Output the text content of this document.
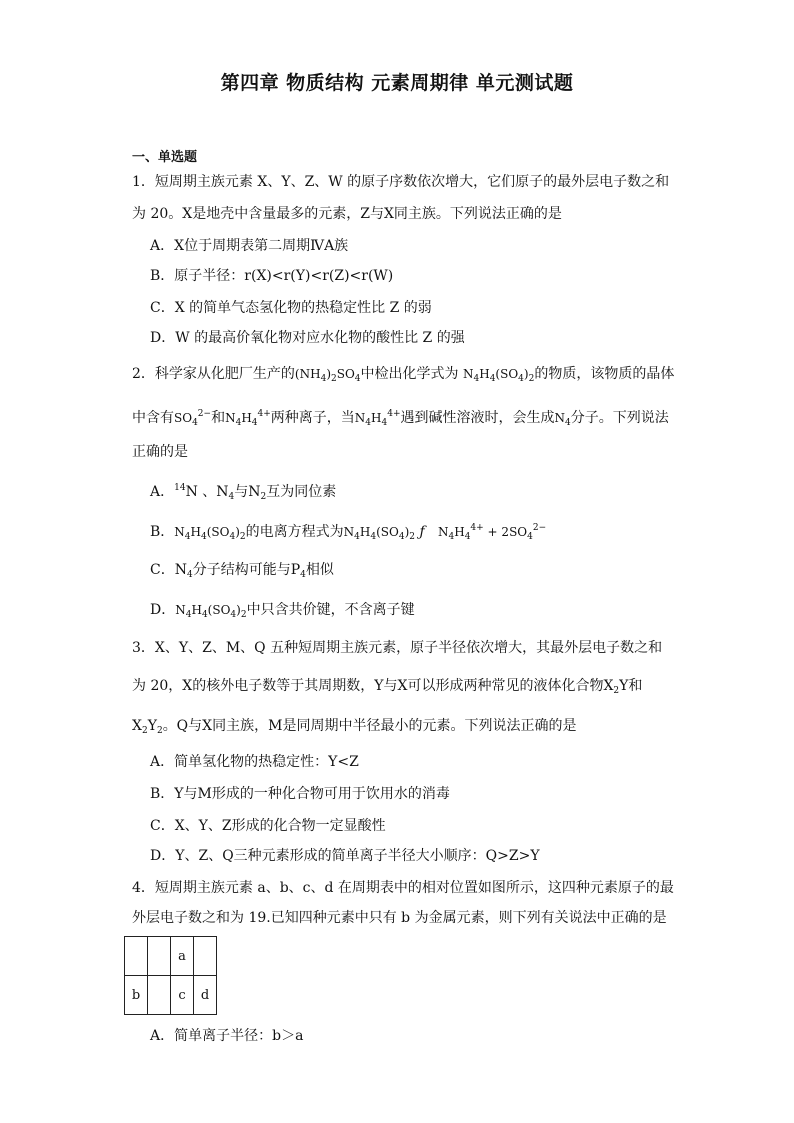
第四章 物质结构 元素周期律 单元测试题
一、单选题
1．短周期主族元素 X、Y、Z、W 的原子序数依次增大，它们原子的最外层电子数之和
为 20。X是地壳中含量最多的元素，Z与X同主族。下列说法正确的是
A．X位于周期表第二周期ⅣA族
B．原子半径：r(X)<r(Y)<r(Z)<r(W)
C．X 的简单气态氢化物的热稳定性比 Z 的弱
D．W 的最高价氧化物对应水化物的酸性比 Z 的强
2．科学家从化肥厂生产的$(NH_4)_2SO_4$中检出化学式为 $N_4H_4(SO_4)_2$的物质，该物质的晶体
中含有$SO_4^{2-}$和$N_4H_4^{4+}$两种离子，当$N_4H_4^{4+}$遇到碱性溶液时，会生成$N_4$分子。下列说法
正确的是
A．$^{14}$N 、$N_4$与$N_2$互为同位素
B．$N_4H_4(SO_4)_2$的电离方程式为$N_4H_4(SO_4)_2$ ƒ $N_4H_4^{4+} + 2SO_4^{2-}$
C．$N_4$分子结构可能与$P_4$相似
D．$N_4H_4(SO_4)_2$中只含共价键，不含离子键
3．X、Y、Z、M、Q 五种短周期主族元素，原子半径依次增大，其最外层电子数之和
为 20，X的核外电子数等于其周期数，Y与X可以形成两种常见的液体化合物$X_2Y$和
$X_2Y_2$。Q与X同主族，M是同周期中半径最小的元素。下列说法正确的是
A．简单氢化物的热稳定性：Y<Z
B．Y与M形成的一种化合物可用于饮用水的消毒
C．X、Y、Z形成的化合物一定显酸性
D．Y、Z、Q三种元素形成的简单离子半径大小顺序：Q>Z>Y
4．短周期主族元素 a、b、c、d 在周期表中的相对位置如图所示，这四种元素原子的最
外层电子数之和为 19.已知四种元素中只有 b 为金属元素，则下列有关说法中正确的是
		a	
b		c	d
A．简单离子半径：b＞a
